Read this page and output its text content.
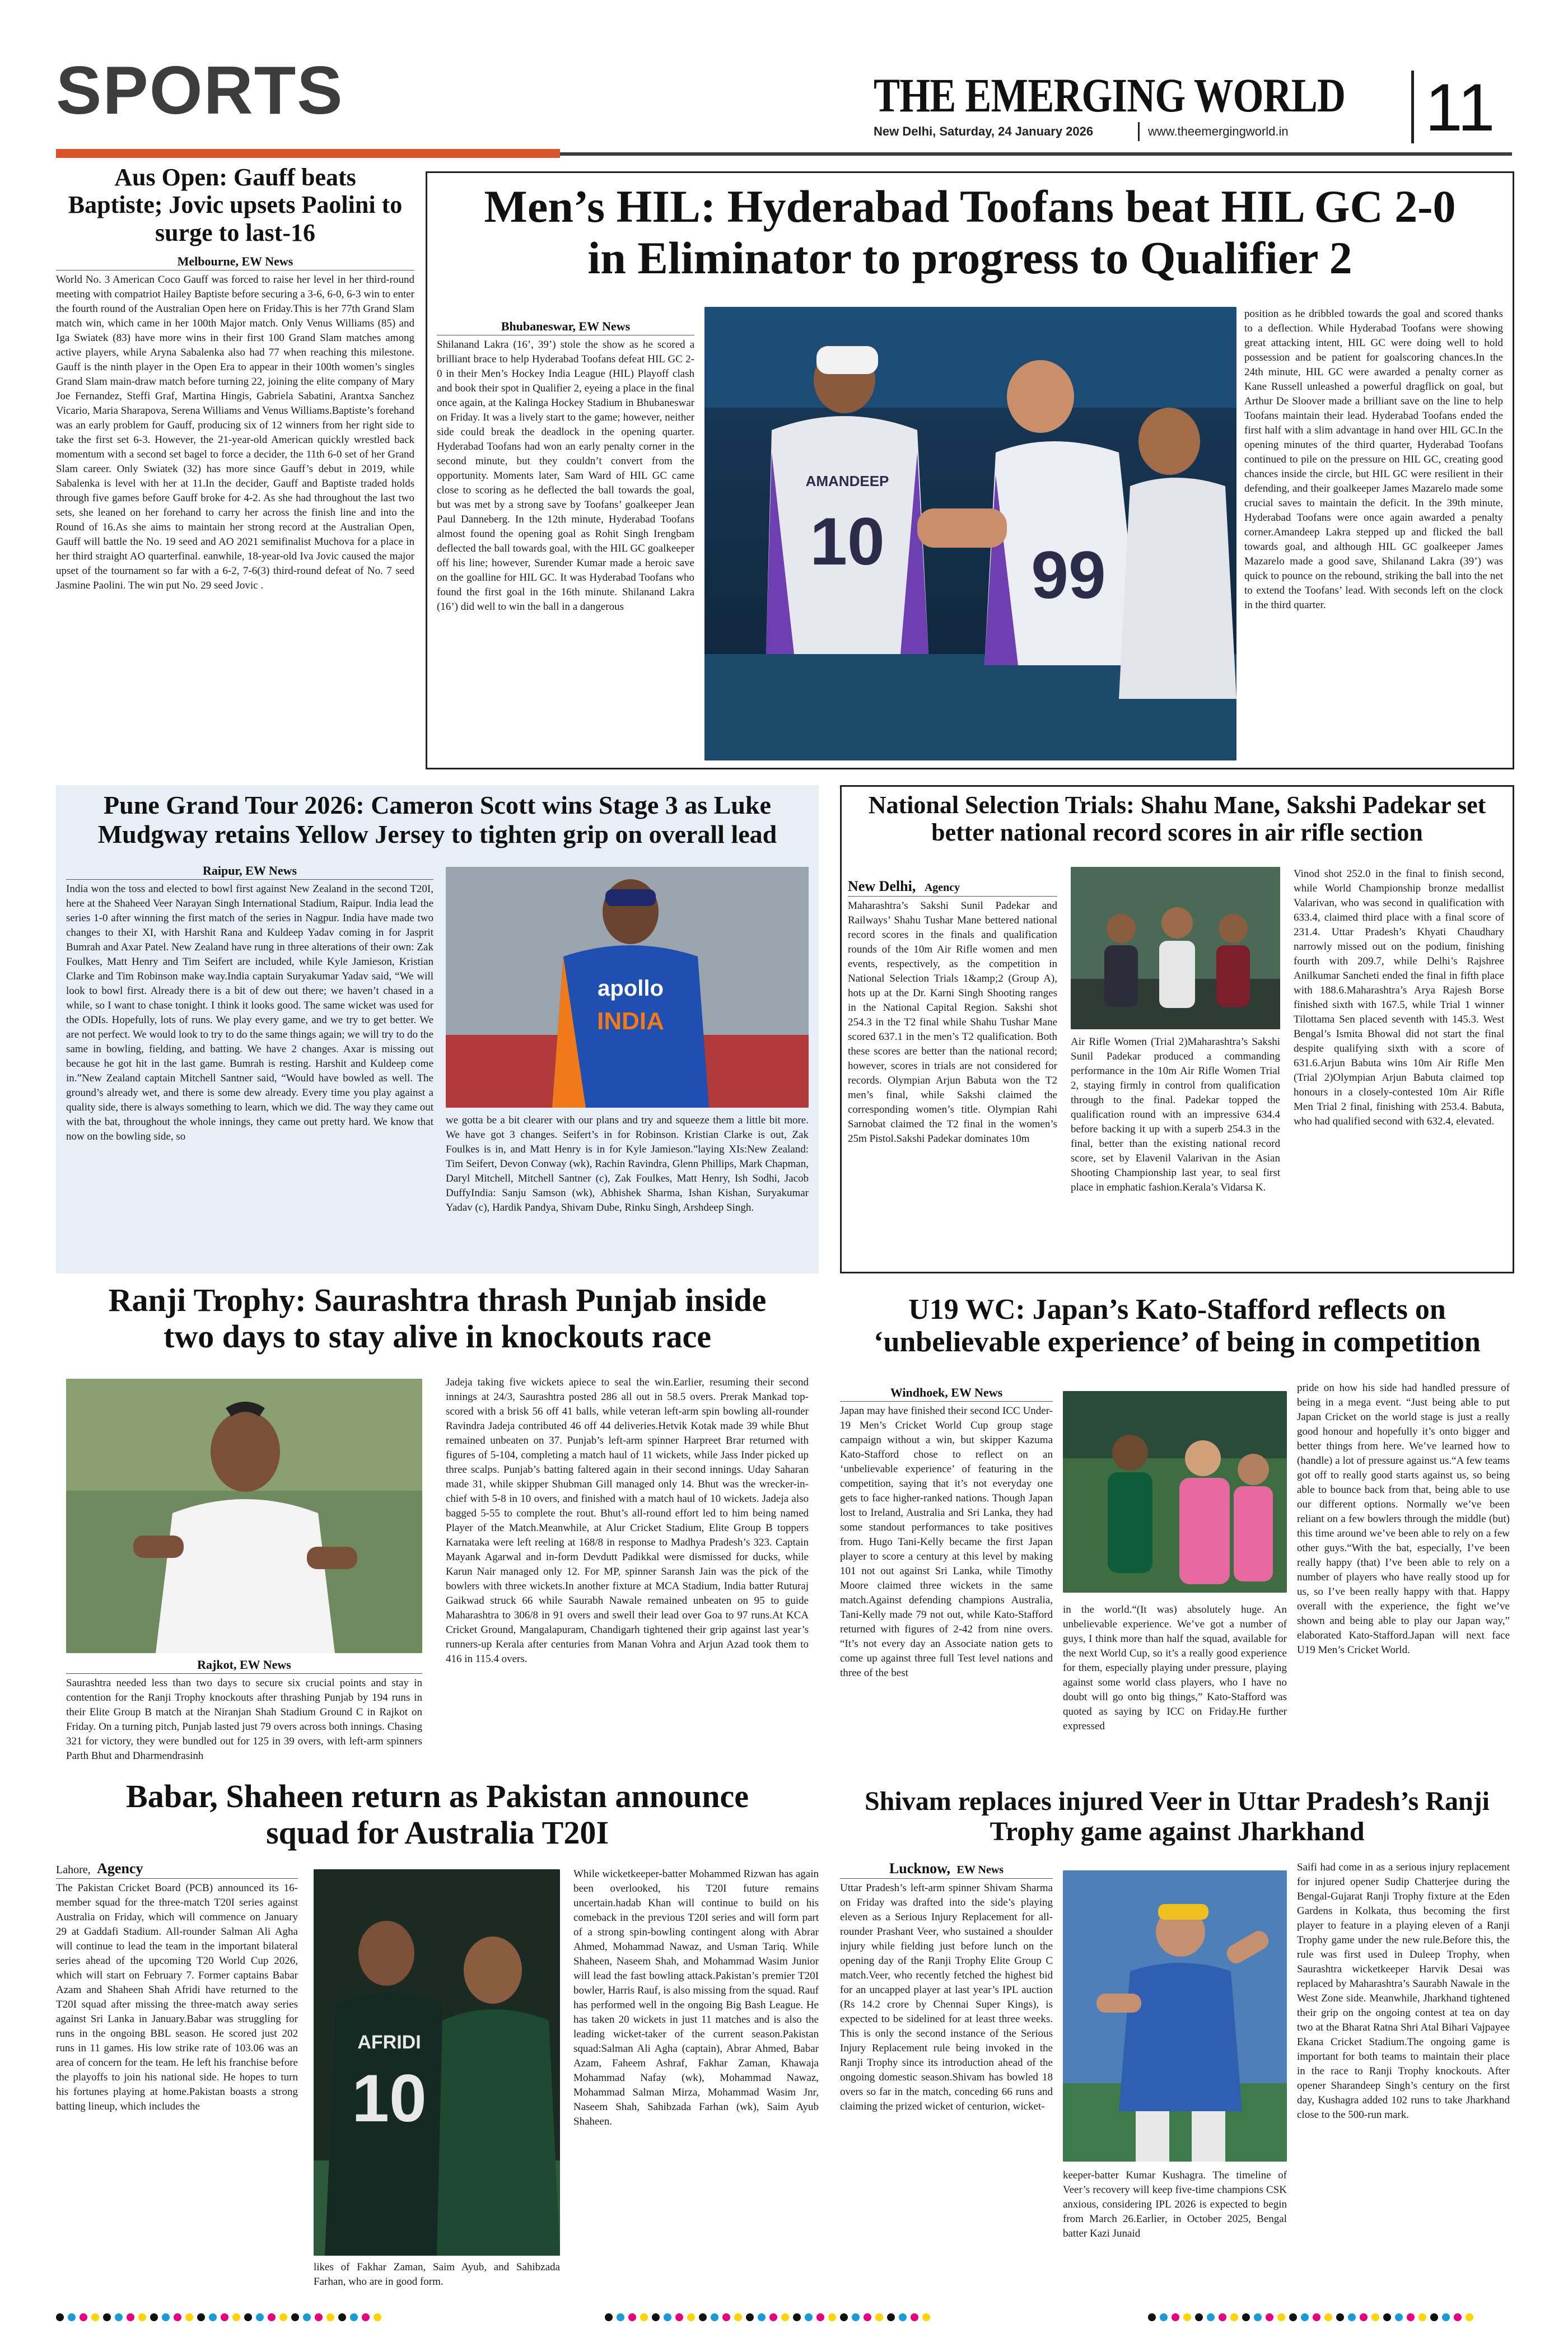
SPORTS	THE EMERGING WORLD
New Delhi, Saturday, 24 January 2026	www.theemergingworld.in 11
Aus Open: Gauff beats Baptiste; Jovic upsets Paolini to surge to last-16
Melbourne, EW News
World No. 3 American Coco Gauff was forced to raise her level in her third-round meeting with compatriot Hailey Baptiste before securing a 3-6, 6-0, 6-3 win to enter the fourth round of the Australian Open here on Friday.This is her 77th Grand Slam match win, which came in her 100th Major match. Only Venus Williams (85) and Iga Swiatek (83) have more wins in their first 100 Grand Slam matches among active players, while Aryna Sabalenka also had 77 when reaching this milestone. Gauff is the ninth player in the Open Era to appear in their 100th women’s singles Grand Slam main-draw match before turning 22, joining the elite company of Mary Joe Fernandez, Steffi Graf, Martina Hingis, Gabriela Sabatini, Arantxa Sanchez Vicario, Maria Sharapova, Serena Williams and Venus Williams.Baptiste’s forehand was an early problem for Gauff, producing six of 12 winners from her right side to take the first set 6-3. However, the 21-year-old American quickly wrestled back momentum with a second set bagel to force a decider, the 11th 6-0 set of her Grand Slam career. Only Swiatek (32) has more since Gauff’s debut in 2019, while Sabalenka is level with her at 11.In the decider, Gauff and Baptiste traded holds through five games before Gauff broke for 4-2. As she had throughout the last two sets, she leaned on her forehand to carry her across the finish line and into the Round of 16.As she aims to maintain her strong record at the Australian Open, Gauff will battle the No. 19 seed and AO 2021 semifinalist Muchova for a place in her third straight AO quarterfinal. eanwhile, 18-year-old Iva Jovic caused the major upset of the tournament so far with a 6-2, 7-6(3) third-round defeat of No. 7 seed Jasmine Paolini. The win put No. 29 seed Jovic .
Men’s HIL: Hyderabad Toofans beat HIL GC 2-0 in Eliminator to progress to Qualifier 2
Bhubaneswar, EW News
Shilanand Lakra (16’, 39’) stole the show as he scored a brilliant brace to help Hyderabad Toofans defeat HIL GC 2-0 in their Men’s Hockey India League (HIL) Playoff clash and book their spot in Qualifier 2, eyeing a place in the final once again, at the Kalinga Hockey Stadium in Bhubaneswar on Friday. It was a lively start to the game; however, neither side could break the deadlock in the opening quarter. Hyderabad Toofans had won an early penalty corner in the second minute, but they couldn’t convert from the opportunity. Moments later, Sam Ward of HIL GC came close to scoring as he deflected the ball towards the goal, but was met by a strong save by Toofans’ goalkeeper Jean Paul Danneberg. In the 12th minute, Hyderabad Toofans almost found the opening goal as Rohit Singh Irengbam deflected the ball towards goal, with the HIL GC goalkeeper off his line; however, Surender Kumar made a heroic save on the goalline for HIL GC. It was Hyderabad Toofans who found the first goal in the 16th minute. Shilanand Lakra (16’) did well to win the ball in a dangerous
AMANDEEP
10 99
position as he dribbled towards the goal and scored thanks to a deflection. While Hyderabad Toofans were showing great attacking intent, HIL GC were doing well to hold possession and be patient for goalscoring chances.In the 24th minute, HIL GC were awarded a penalty corner as Kane Russell unleashed a powerful dragflick on goal, but Arthur De Sloover made a brilliant save on the line to help Toofans maintain their lead. Hyderabad Toofans ended the first half with a slim advantage in hand over HIL GC.In the opening minutes of the third quarter, Hyderabad Toofans continued to pile on the pressure on HIL GC, creating good chances inside the circle, but HIL GC were resilient in their defending, and their goalkeeper James Mazarelo made some crucial saves to maintain the deficit. In the 39th minute, Hyderabad Toofans were once again awarded a penalty corner.Amandeep Lakra stepped up and flicked the ball towards goal, and although HIL GC goalkeeper James Mazarelo made a good save, Shilanand Lakra (39’) was quick to pounce on the rebound, striking the ball into the net to extend the Toofans’ lead. With seconds left on the clock in the third quarter.
Pune Grand Tour 2026: Cameron Scott wins Stage 3 as Luke Mudgway retains Yellow Jersey to tighten grip on overall lead
Raipur, EW News
India won the toss and elected to bowl first against New Zealand in the second T20I, here at the Shaheed Veer Narayan Singh International Stadium, Raipur. India lead the series 1-0 after winning the first match of the series in Nagpur. India have made two changes to their XI, with Harshit Rana and Kuldeep Yadav coming in for Jasprit Bumrah and Axar Patel. New Zealand have rung in three alterations of their own: Zak Foulkes, Matt Henry and Tim Seifert are included, while Kyle Jamieson, Kristian Clarke and Tim Robinson make way.India captain Suryakumar Yadav said, “We will look to bowl first. Already there is a bit of dew out there; we haven’t chased in a while, so I want to chase tonight. I think it looks good. The same wicket was used for the ODIs. Hopefully, lots of runs. We play every game, and we try to get better. We are not perfect. We would look to try to do the same things again; we will try to do the same in bowling, fielding, and batting. We have 2 changes. Axar is missing out because he got hit in the last game. Bumrah is resting. Harshit and Kuldeep come in.”New Zealand captain Mitchell Santner said, “Would have bowled as well. The ground’s already wet, and there is some dew already. Every time you play against a quality side, there is always something to learn, which we did. The way they came out with the bat, throughout the whole innings, they came out pretty hard. We know that now on the bowling side, so
apollo
INDIA
we gotta be a bit clearer with our plans and try and squeeze them a little bit more. We have got 3 changes. Seifert’s in for Robinson. Kristian Clarke is out, Zak Foulkes is in, and Matt Henry is in for Kyle Jamieson.”laying XIs:New Zealand: Tim Seifert, Devon Conway (wk), Rachin Ravindra, Glenn Phillips, Mark Chapman, Daryl Mitchell, Mitchell Santner (c), Zak Foulkes, Matt Henry, Ish Sodhi, Jacob DuffyIndia: Sanju Samson (wk), Abhishek Sharma, Ishan Kishan, Suryakumar Yadav (c), Hardik Pandya, Shivam Dube, Rinku Singh, Arshdeep Singh.
National Selection Trials: Shahu Mane, Sakshi Padekar set better national record scores in air rifle section
New Delhi, Agency
Maharashtra’s Sakshi Sunil Padekar and Railways’ Shahu Tushar Mane bettered national record scores in the finals and qualification rounds of the 10m Air Rifle women and men events, respectively, as the competition in National Selection Trials 1&amp;2 (Group A), hots up at the Dr. Karni Singh Shooting ranges in the National Capital Region. Sakshi shot 254.3 in the T2 final while Shahu Tushar Mane scored 637.1 in the men’s T2 qualification. Both these scores are better than the national record; however, scores in trials are not considered for records. Olympian Arjun Babuta won the T2 men’s final, while Sakshi claimed the corresponding women’s title. Olympian Rahi Sarnobat claimed the T2 final in the women’s 25m Pistol.Sakshi Padekar dominates 10m
Air Rifle Women (Trial 2)Maharashtra’s Sakshi Sunil Padekar produced a commanding performance in the 10m Air Rifle Women Trial 2, staying firmly in control from qualification through to the final. Padekar topped the qualification round with an impressive 634.4 before backing it up with a superb 254.3 in the final, better than the existing national record score, set by Elavenil Valarivan in the Asian Shooting Championship last year, to seal first place in emphatic fashion.Kerala’s Vidarsa K.
Vinod shot 252.0 in the final to finish second, while World Championship bronze medallist Valarivan, who was second in qualification with 633.4, claimed third place with a final score of 231.4. Uttar Pradesh’s Khyati Chaudhary narrowly missed out on the podium, finishing fourth with 209.7, while Delhi’s Rajshree Anilkumar Sancheti ended the final in fifth place with 188.6.Maharashtra’s Arya Rajesh Borse finished sixth with 167.5, while Trial 1 winner Tilottama Sen placed seventh with 145.3. West Bengal’s Ismita Bhowal did not start the final despite qualifying sixth with a score of 631.6.Arjun Babuta wins 10m Air Rifle Men (Trial 2)Olympian Arjun Babuta claimed top honours in a closely-contested 10m Air Rifle Men Trial 2 final, finishing with 253.4. Babuta, who had qualified second with 632.4, elevated.
Ranji Trophy: Saurashtra thrash Punjab inside two days to stay alive in knockouts race
Rajkot, EW News
Saurashtra needed less than two days to secure six crucial points and stay in contention for the Ranji Trophy knockouts after thrashing Punjab by 194 runs in their Elite Group B match at the Niranjan Shah Stadium Ground C in Rajkot on Friday. On a turning pitch, Punjab lasted just 79 overs across both innings. Chasing 321 for victory, they were bundled out for 125 in 39 overs, with left-arm spinners Parth Bhut and Dharmendrasinh
Jadeja taking five wickets apiece to seal the win.Earlier, resuming their second innings at 24/3, Saurashtra posted 286 all out in 58.5 overs. Prerak Mankad top-scored with a brisk 56 off 41 balls, while veteran left-arm spin bowling all-rounder Ravindra Jadeja contributed 46 off 44 deliveries.Hetvik Kotak made 39 while Bhut remained unbeaten on 37. Punjab’s left-arm spinner Harpreet Brar returned with figures of 5-104, completing a match haul of 11 wickets, while Jass Inder picked up three scalps. Punjab’s batting faltered again in their second innings. Uday Saharan made 31, while skipper Shubman Gill managed only 14. Bhut was the wrecker-in-chief with 5-8 in 10 overs, and finished with a match haul of 10 wickets. Jadeja also bagged 5-55 to complete the rout. Bhut’s all-round effort led to him being named Player of the Match.Meanwhile, at Alur Cricket Stadium, Elite Group B toppers Karnataka were left reeling at 168/8 in response to Madhya Pradesh’s 323. Captain Mayank Agarwal and in-form Devdutt Padikkal were dismissed for ducks, while Karun Nair managed only 12. For MP, spinner Saransh Jain was the pick of the bowlers with three wickets.In another fixture at MCA Stadium, India batter Ruturaj Gaikwad struck 66 while Saurabh Nawale remained unbeaten on 95 to guide Maharashtra to 306/8 in 91 overs and swell their lead over Goa to 97 runs.At KCA Cricket Ground, Mangalapuram, Chandigarh tightened their grip against last year’s runners-up Kerala after centuries from Manan Vohra and Arjun Azad took them to 416 in 115.4 overs.
U19 WC: Japan’s Kato-Stafford reflects on ‘unbelievable experience’ of being in competition
Windhoek, EW News
Japan may have finished their second ICC Under-19 Men’s Cricket World Cup group stage campaign without a win, but skipper Kazuma Kato-Stafford chose to reflect on an ‘unbelievable experience’ of featuring in the competition, saying that it’s not everyday one gets to face higher-ranked nations. Though Japan lost to Ireland, Australia and Sri Lanka, they had some standout performances to take positives from. Hugo Tani-Kelly became the first Japan player to score a century at this level by making 101 not out against Sri Lanka, while Timothy Moore claimed three wickets in the same match.Against defending champions Australia, Tani-Kelly made 79 not out, while Kato-Stafford returned with figures of 2-42 from nine overs. “It’s not every day an Associate nation gets to come up against three full Test level nations and three of the best
in the world.“(It was) absolutely huge. An unbelievable experience. We’ve got a number of guys, I think more than half the squad, available for the next World Cup, so it’s a really good experience for them, especially playing under pressure, playing against some world class players, who I have no doubt will go onto big things,” Kato-Stafford was quoted as saying by ICC on Friday.He further expressed
pride on how his side had handled pressure of being in a mega event. “Just being able to put Japan Cricket on the world stage is just a really good honour and hopefully it’s onto bigger and better things from here. We’ve learned how to (handle) a lot of pressure against us.“A few teams got off to really good starts against us, so being able to bounce back from that, being able to use our different options. Normally we’ve been reliant on a few bowlers through the middle (but) this time around we’ve been able to rely on a few other guys.“With the bat, especially, I’ve been really happy (that) I’ve been able to rely on a number of players who have really stood up for us, so I’ve been really happy with that. Happy overall with the experience, the fight we’ve shown and being able to play our Japan way,” elaborated Kato-Stafford.Japan will next face U19 Men’s Cricket World.
Babar, Shaheen return as Pakistan announce squad for Australia T20I
Lahore, Agency
The Pakistan Cricket Board (PCB) announced its 16-member squad for the three-match T20I series against Australia on Friday, which will commence on January 29 at Gaddafi Stadium. All-rounder Salman Ali Agha will continue to lead the team in the important bilateral series ahead of the upcoming T20 World Cup 2026, which will start on February 7. Former captains Babar Azam and Shaheen Shah Afridi have returned to the T20I squad after missing the three-match away series against Sri Lanka in January.Babar was struggling for runs in the ongoing BBL season. He scored just 202 runs in 11 games. His low strike rate of 103.06 was an area of concern for the team. He left his franchise before the playoffs to join his national side. He hopes to turn his fortunes playing at home.Pakistan boasts a strong batting lineup, which includes the
AFRIDI
10
likes of Fakhar Zaman, Saim Ayub, and Sahibzada Farhan, who are in good form.
While wicketkeeper-batter Mohammed Rizwan has again been overlooked, his T20I future remains uncertain.hadab Khan will continue to build on his comeback in the previous T20I series and will form part of a strong spin-bowling contingent along with Abrar Ahmed, Mohammad Nawaz, and Usman Tariq. While Shaheen, Naseem Shah, and Mohammad Wasim Junior will lead the fast bowling attack.Pakistan’s premier T20I bowler, Harris Rauf, is also missing from the squad. Rauf has performed well in the ongoing Big Bash League. He has taken 20 wickets in just 11 matches and is also the leading wicket-taker of the current season.Pakistan squad:Salman Ali Agha (captain), Abrar Ahmed, Babar Azam, Faheem Ashraf, Fakhar Zaman, Khawaja Mohammad Nafay (wk), Mohammad Nawaz, Mohammad Salman Mirza, Mohammad Wasim Jnr, Naseem Shah, Sahibzada Farhan (wk), Saim Ayub Shaheen.
Shivam replaces injured Veer in Uttar Pradesh’s Ranji Trophy game against Jharkhand
Lucknow, EW News
Uttar Pradesh’s left-arm spinner Shivam Sharma on Friday was drafted into the side’s playing eleven as a Serious Injury Replacement for all-rounder Prashant Veer, who sustained a shoulder injury while fielding just before lunch on the opening day of the Ranji Trophy Elite Group C match.Veer, who recently fetched the highest bid for an uncapped player at last year’s IPL auction (Rs 14.2 crore by Chennai Super Kings), is expected to be sidelined for at least three weeks. This is only the second instance of the Serious Injury Replacement rule being invoked in the Ranji Trophy since its introduction ahead of the ongoing domestic season.Shivam has bowled 18 overs so far in the match, conceding 66 runs and claiming the prized wicket of centurion, wicket-
keeper-batter Kumar Kushagra. The timeline of Veer’s recovery will keep five-time champions CSK anxious, considering IPL 2026 is expected to begin from March 26.Earlier, in October 2025, Bengal batter Kazi Junaid
Saifi had come in as a serious injury replacement for injured opener Sudip Chatterjee during the Bengal-Gujarat Ranji Trophy fixture at the Eden Gardens in Kolkata, thus becoming the first player to feature in a playing eleven of a Ranji Trophy game under the new rule.Before this, the rule was first used in Duleep Trophy, when Saurashtra wicketkeeper Harvik Desai was replaced by Maharashtra’s Saurabh Nawale in the West Zone side. Meanwhile, Jharkhand tightened their grip on the ongoing contest at tea on day two at the Bharat Ratna Shri Atal Bihari Vajpayee Ekana Cricket Stadium.The ongoing game is important for both teams to maintain their place in the race to Ranji Trophy knockouts. After opener Sharandeep Singh’s century on the first day, Kushagra added 102 runs to take Jharkhand close to the 500-run mark.
